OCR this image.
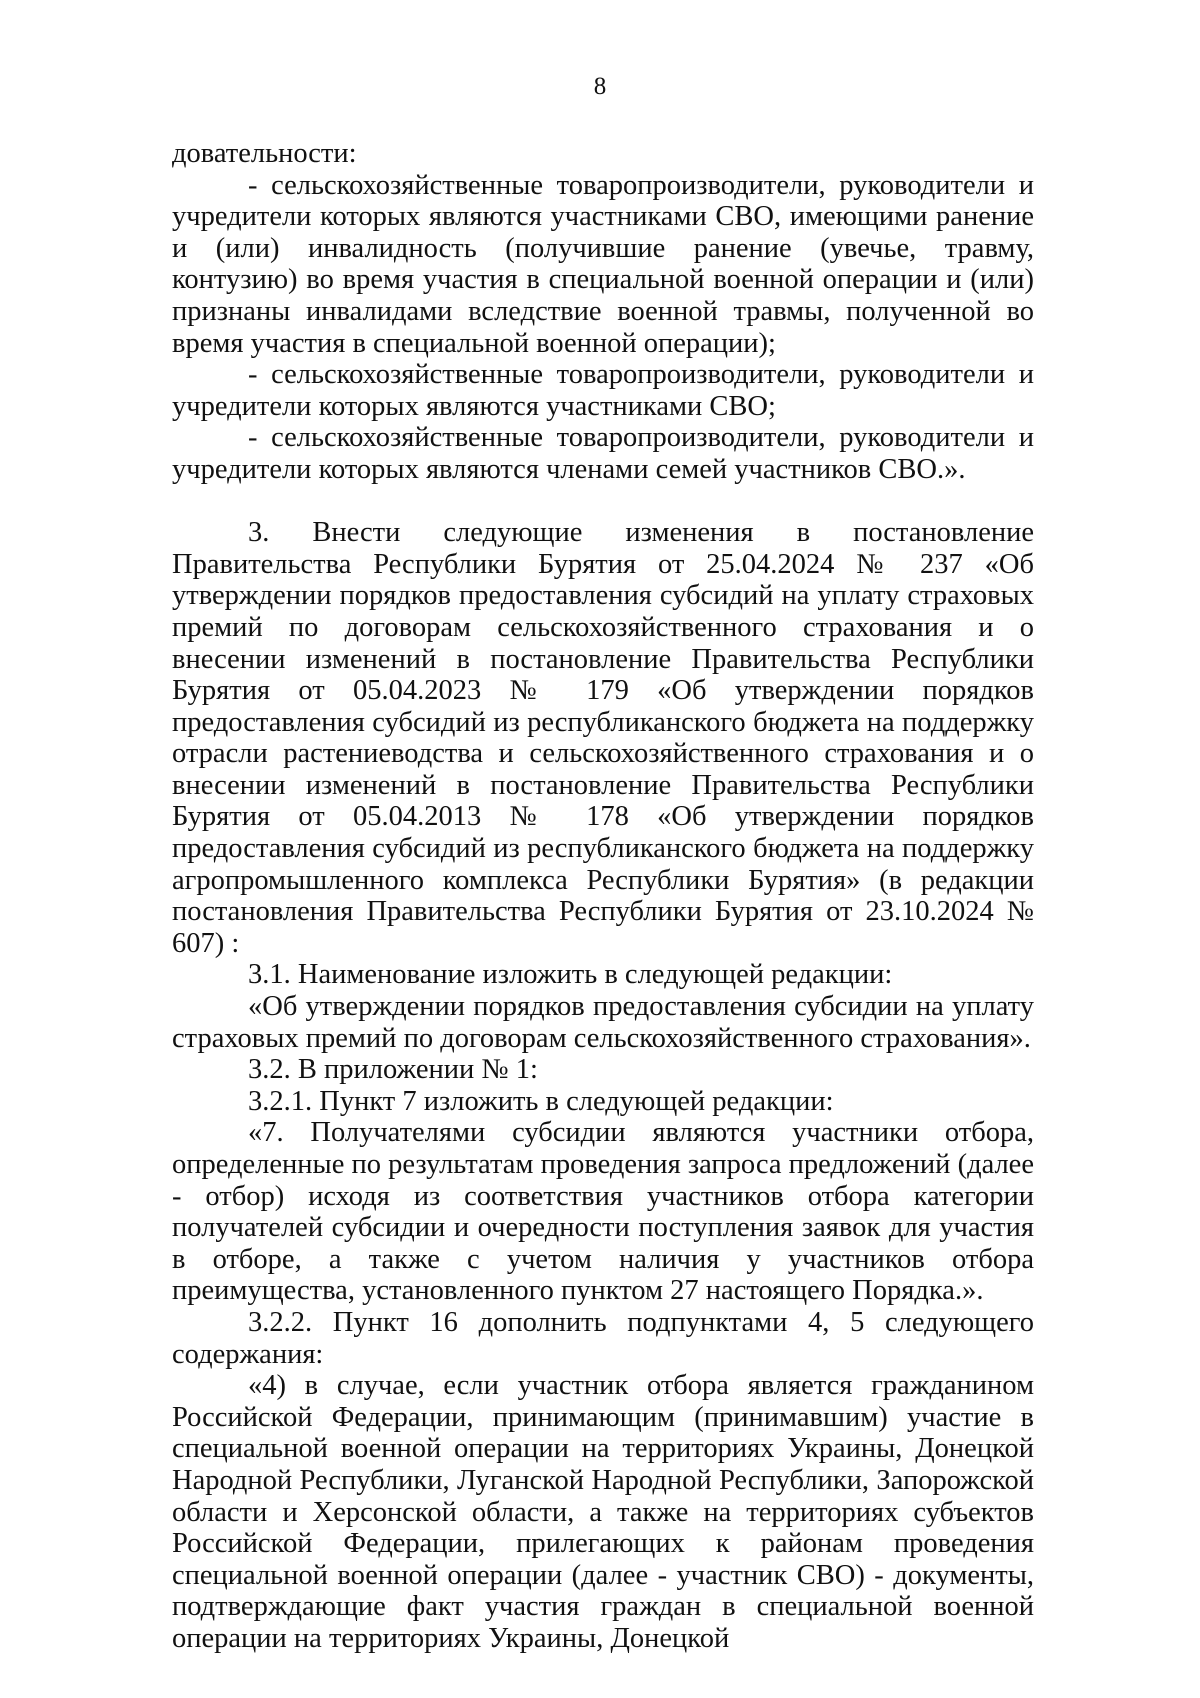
8

довательности:

- сельскохозяйственные товаропроизводители, руководители и учредители которых являются участниками СВО, имеющими ранение и (или) инвалидность (получившие ранение (увечье, травму, контузию) во время участия в специальной военной операции и (или) признаны инвалидами вследствие военной травмы, полученной во время участия в специальной военной операции);

- сельскохозяйственные товаропроизводители, руководители и учредители которых являются участниками СВО;

- сельскохозяйственные товаропроизводители, руководители и учредители которых являются членами семей участников СВО.».

3. Внести следующие изменения в постановление Правительства Республики Бурятия от 25.04.2024 № 237 «Об утверждении порядков предоставления субсидий на уплату страховых премий по договорам сельскохозяйственного страхования и о внесении изменений в постановление Правительства Республики Бурятия от 05.04.2023 № 179 «Об утверждении порядков предоставления субсидий из республиканского бюджета на поддержку отрасли растениеводства и сельскохозяйственного страхования и о внесении изменений в постановление Правительства Республики Бурятия от 05.04.2013 № 178 «Об утверждении порядков предоставления субсидий из республиканского бюджета на поддержку агропромышленного комплекса Республики Бурятия» (в редакции постановления Правительства Республики Бурятия от 23.10.2024 № 607) :

3.1. Наименование изложить в следующей редакции:

«Об утверждении порядков предоставления субсидии на уплату страховых премий по договорам сельскохозяйственного страхования».

3.2. В приложении № 1:

3.2.1. Пункт 7 изложить в следующей редакции:

«7. Получателями субсидии являются участники отбора, определенные по результатам проведения запроса предложений (далее - отбор) исходя из соответствия участников отбора категории получателей субсидии и очередности поступления заявок для участия в отборе, а также с учетом наличия у участников отбора преимущества, установленного пунктом 27 настоящего Порядка.».

3.2.2. Пункт 16 дополнить подпунктами 4, 5 следующего содержания:

«4) в случае, если участник отбора является гражданином Российской Федерации, принимающим (принимавшим) участие в специальной военной операции на территориях Украины, Донецкой Народной Республики, Луганской Народной Республики, Запорожской области и Херсонской области, а также на территориях субъектов Российской Федерации, прилегающих к районам проведения специальной военной операции (далее - участник СВО) - документы, подтверждающие факт участия граждан в специальной военной операции на территориях Украины, Донецкой
